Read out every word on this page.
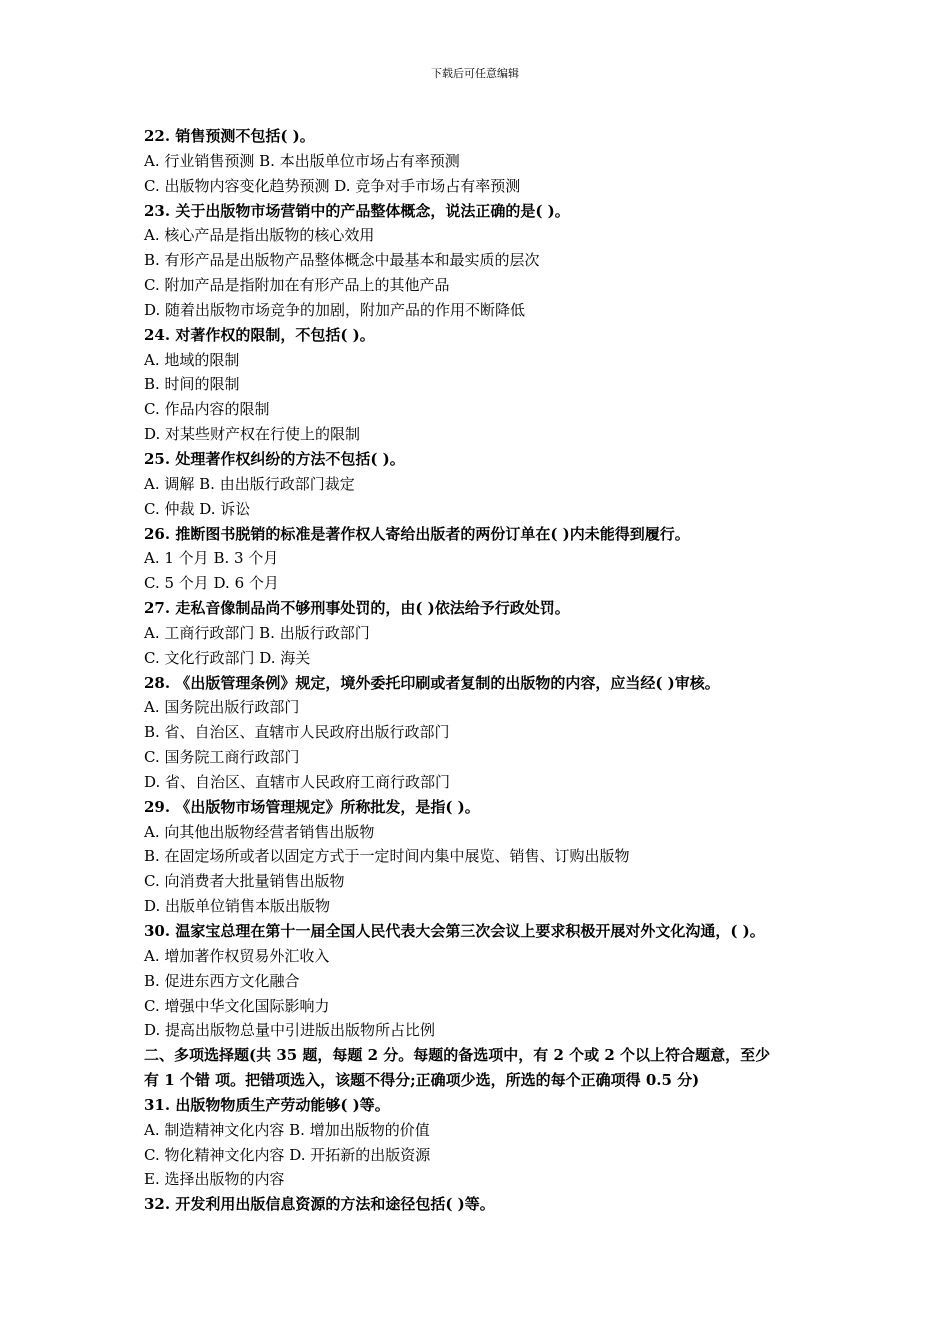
下载后可任意编辑
22. 销售预测不包括( )。
A. 行业销售预测 B. 本出版单位市场占有率预测
C. 出版物内容变化趋势预测 D. 竞争对手市场占有率预测
23. 关于出版物市场营销中的产品整体概念，说法正确的是( )。
A. 核心产品是指出版物的核心效用
B. 有形产品是出版物产品整体概念中最基本和最实质的层次
C. 附加产品是指附加在有形产品上的其他产品
D. 随着出版物市场竞争的加剧，附加产品的作用不断降低
24. 对著作权的限制，不包括( )。
A. 地域的限制
B. 时间的限制
C. 作品内容的限制
D. 对某些财产权在行使上的限制
25. 处理著作权纠纷的方法不包括( )。
A. 调解 B. 由出版行政部门裁定
C. 仲裁 D. 诉讼
26. 推断图书脱销的标准是著作权人寄给出版者的两份订单在( )内未能得到履行。
A. 1 个月 B. 3 个月
C. 5 个月 D. 6 个月
27. 走私音像制品尚不够刑事处罚的，由( )依法给予行政处罚。
A. 工商行政部门 B. 出版行政部门
C. 文化行政部门 D. 海关
28. 《出版管理条例》规定，境外委托印刷或者复制的出版物的内容，应当经( )审核。
A. 国务院出版行政部门
B. 省、自治区、直辖市人民政府出版行政部门
C. 国务院工商行政部门
D. 省、自治区、直辖市人民政府工商行政部门
29. 《出版物市场管理规定》所称批发，是指( )。
A. 向其他出版物经营者销售出版物
B. 在固定场所或者以固定方式于一定时间内集中展览、销售、订购出版物
C. 向消费者大批量销售出版物
D. 出版单位销售本版出版物
30. 温家宝总理在第十一届全国人民代表大会第三次会议上要求积极开展对外文化沟通，( )。
A. 增加著作权贸易外汇收入
B. 促进东西方文化融合
C. 增强中华文化国际影响力
D. 提高出版物总量中引进版出版物所占比例
二、多项选择题(共 35 题，每题 2 分。每题的备选项中，有 2 个或 2 个以上符合题意，至少
有 1 个错 项。把错项选入，该题不得分;正确项少选，所选的每个正确项得 0.5 分)
31. 出版物物质生产劳动能够( )等。
A. 制造精神文化内容 B. 增加出版物的价值
C. 物化精神文化内容 D. 开拓新的出版资源
E. 选择出版物的内容
32. 开发利用出版信息资源的方法和途径包括( )等。
